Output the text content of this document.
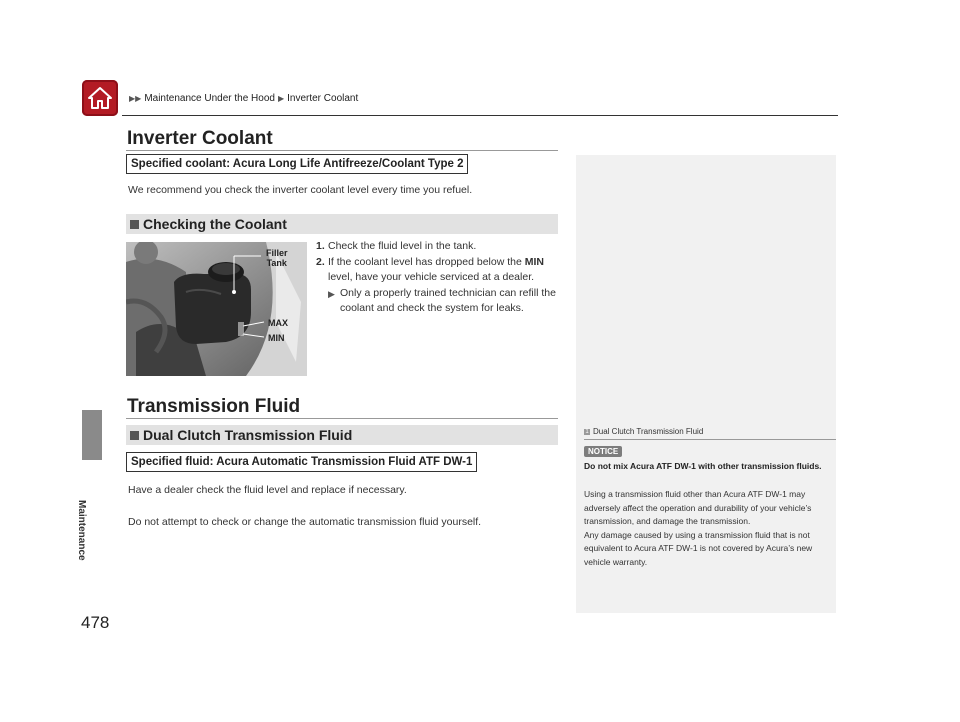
▶▶ Maintenance Under the Hood ▶ Inverter Coolant
Maintenance
478
Inverter Coolant
Specified coolant: Acura Long Life Antifreeze/Coolant Type 2
We recommend you check the inverter coolant level every time you refuel.
Checking the Coolant
Filler
Tank
MAX
MIN
1. Check the fluid level in the tank.
2. If the coolant level has dropped below the MIN level, have your vehicle serviced at a dealer.
▶ Only a properly trained technician can refill the coolant and check the system for leaks.
Transmission Fluid
Dual Clutch Transmission Fluid
Specified fluid: Acura Automatic Transmission Fluid ATF DW-1
Have a dealer check the fluid level and replace if necessary.
Do not attempt to check or change the automatic transmission fluid yourself.
1 Dual Clutch Transmission Fluid
NOTICE
Do not mix Acura ATF DW-1 with other transmission fluids.
Using a transmission fluid other than Acura ATF DW-1 may adversely affect the operation and durability of your vehicle’s transmission, and damage the transmission.
Any damage caused by using a transmission fluid that is not equivalent to Acura ATF DW-1 is not covered by Acura’s new vehicle warranty.
